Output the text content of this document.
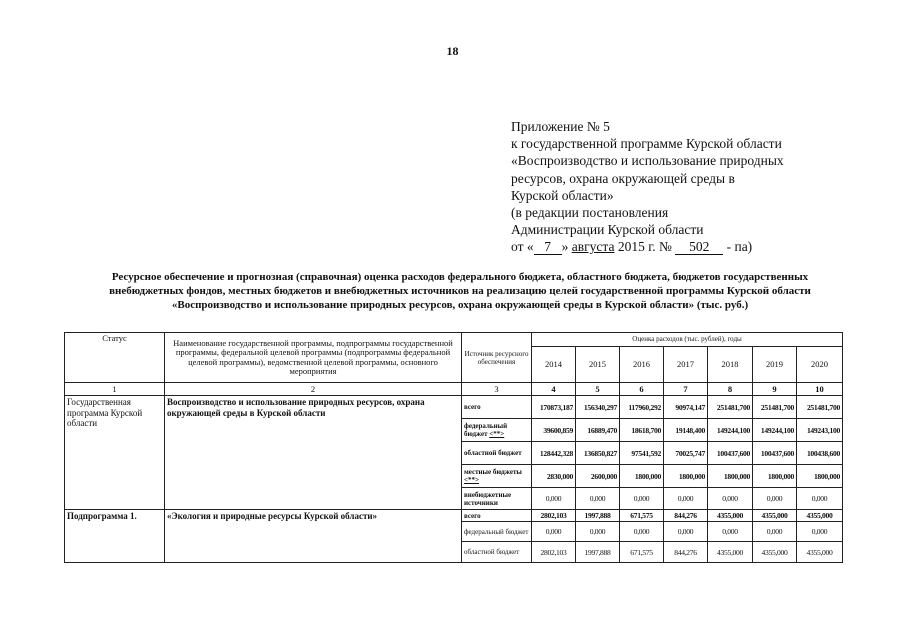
18
Приложение № 5
к государственной программе Курской области
«Воспроизводство и использование природных
ресурсов, охрана окружающей среды в
Курской области»
(в редакции постановления
Администрации Курской области
от « 7 » августа 2015 г. № 502 - па)
Ресурсное обеспечение и прогнозная (справочная) оценка расходов федерального бюджета, областного бюджета, бюджетов государственных внебюджетных фондов, местных бюджетов и внебюджетных источников на реализацию целей государственной программы Курской области «Воспроизводство и использование природных ресурсов, охрана окружающей среды в Курской области» (тыс. руб.)
Статус	Наименование государственной программы, подпрограммы государственной программы, федеральной целевой программы (подпрограммы федеральной целевой программы), ведомственной целевой программы, основного мероприятия	Источник ресурсного обеспечения	Оценка расходов (тыс. рублей), годы						
			2014	2015	2016	2017	2018	2019	2020
1	2	3	4	5	6	7	8	9	10
Государственная программа Курской области	Воспроизводство и использование природных ресурсов, охрана окружающей среды в Курской области	всего	170873,187	156340,297	117960,292	90974,147	251481,700	251481,700	251481,700
		федеральный бюджет <**>	39600,859	16889,470	18618,700	19148,400	149244,100	149244,100	149243,100
		областной бюджет	128442,328	136850,827	97541,592	70025,747	100437,600	100437,600	100438,600
		местные бюджеты <**>	2830,000	2600,000	1800,000	1800,000	1800,000	1800,000	1800,000
		внебюджетные источники	0,000	0,000	0,000	0,000	0,000	0,000	0,000
Подпрограмма 1.	«Экология и природные ресурсы Курской области»	всего	2802,103	1997,888	671,575	844,276	4355,000	4355,000	4355,000
		федеральный бюджет	0,000	0,000	0,000	0,000	0,000	0,000	0,000
		областной бюджет	2802,103	1997,888	671,575	844,276	4355,000	4355,000	4355,000
